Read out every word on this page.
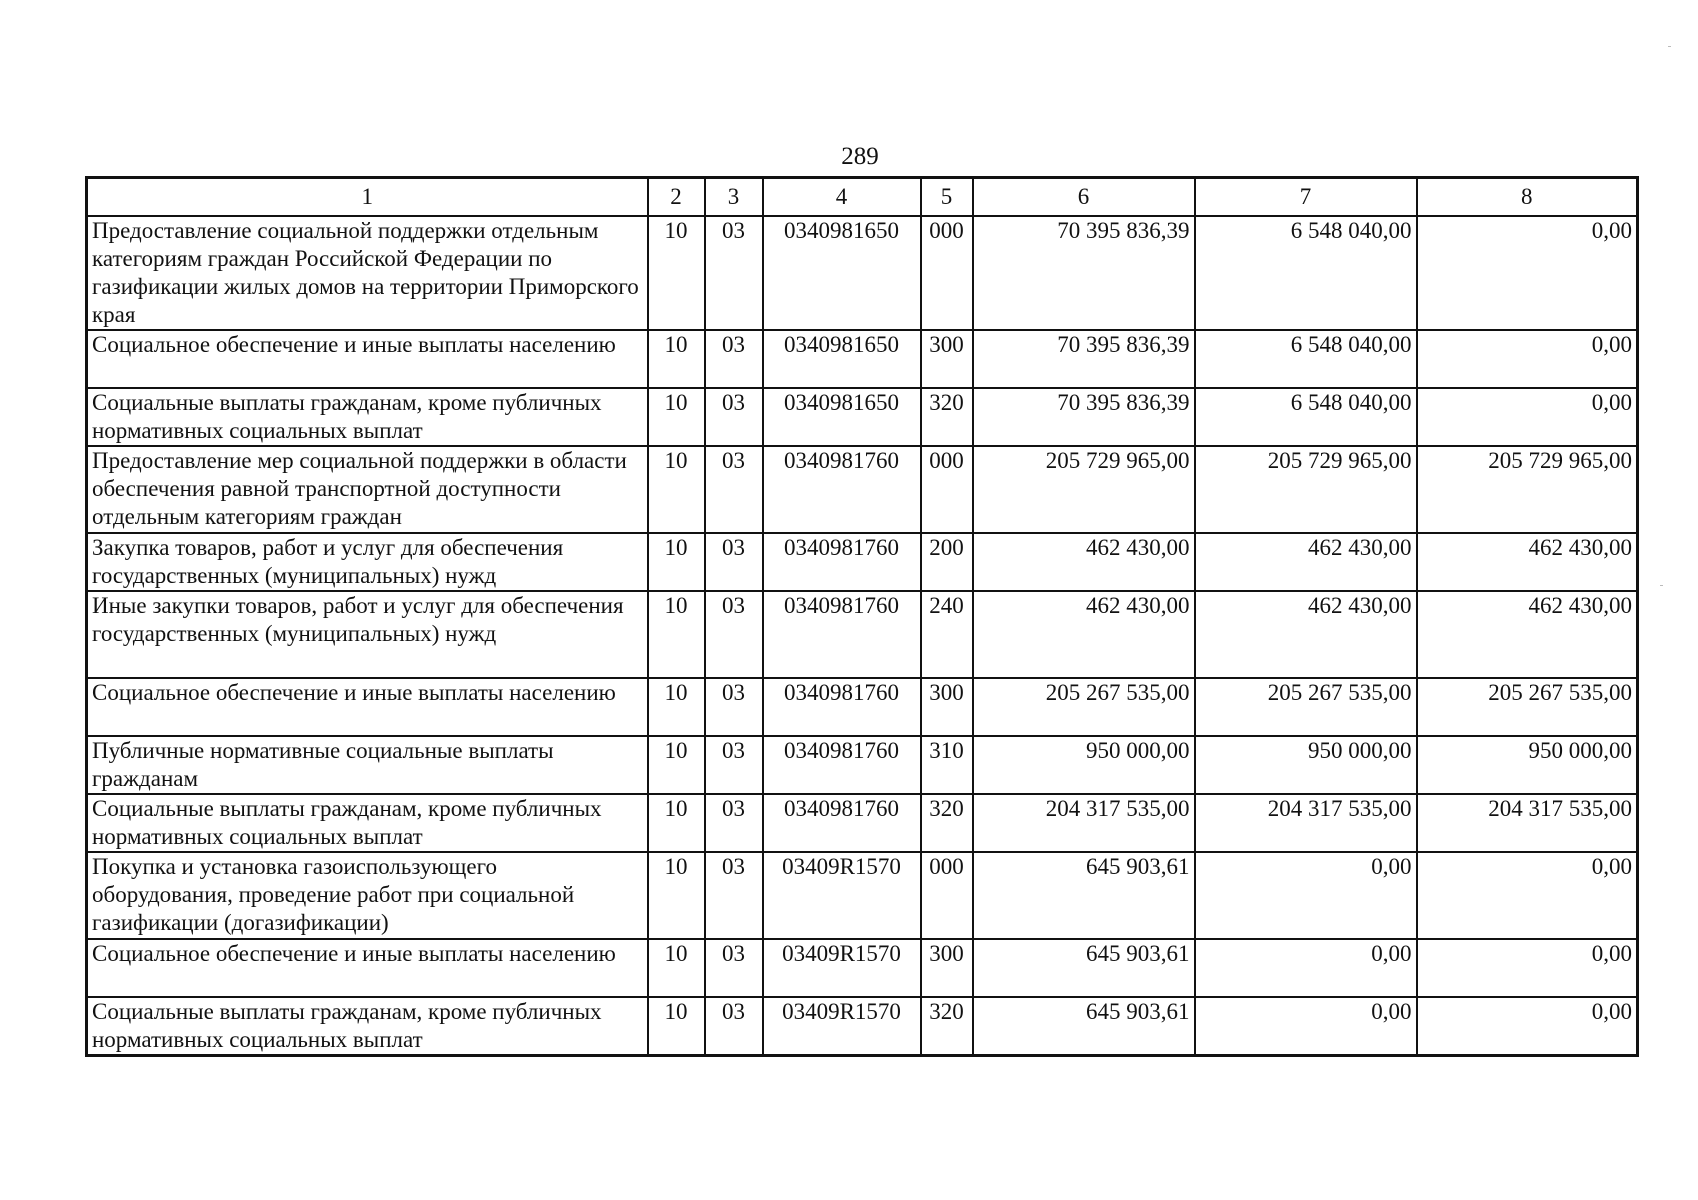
289
1	2	3	4	5	6	7	8
Предоставление социальной поддержки отдельным категориям граждан Российской Федерации по газификации жилых домов на территории Приморского края	10	03	0340981650	000	70 395 836,39	6 548 040,00	0,00
Социальное обеспечение и иные выплаты населению	10	03	0340981650	300	70 395 836,39	6 548 040,00	0,00
Социальные выплаты гражданам, кроме публичных нормативных социальных выплат	10	03	0340981650	320	70 395 836,39	6 548 040,00	0,00
Предоставление мер социальной поддержки в области обеспечения равной транспортной доступности отдельным категориям граждан	10	03	0340981760	000	205 729 965,00	205 729 965,00	205 729 965,00
Закупка товаров, работ и услуг для обеспечения государственных (муниципальных) нужд	10	03	0340981760	200	462 430,00	462 430,00	462 430,00
Иные закупки товаров, работ и услуг для обеспечения государственных (муниципальных) нужд	10	03	0340981760	240	462 430,00	462 430,00	462 430,00
Социальное обеспечение и иные выплаты населению	10	03	0340981760	300	205 267 535,00	205 267 535,00	205 267 535,00
Публичные нормативные социальные выплаты гражданам	10	03	0340981760	310	950 000,00	950 000,00	950 000,00
Социальные выплаты гражданам, кроме публичных нормативных социальных выплат	10	03	0340981760	320	204 317 535,00	204 317 535,00	204 317 535,00
Покупка и установка газоиспользующего оборудования, проведение работ при социальной газификации (догазификации)	10	03	03409R1570	000	645 903,61	0,00	0,00
Социальное обеспечение и иные выплаты населению	10	03	03409R1570	300	645 903,61	0,00	0,00
Социальные выплаты гражданам, кроме публичных нормативных социальных выплат	10	03	03409R1570	320	645 903,61	0,00	0,00
